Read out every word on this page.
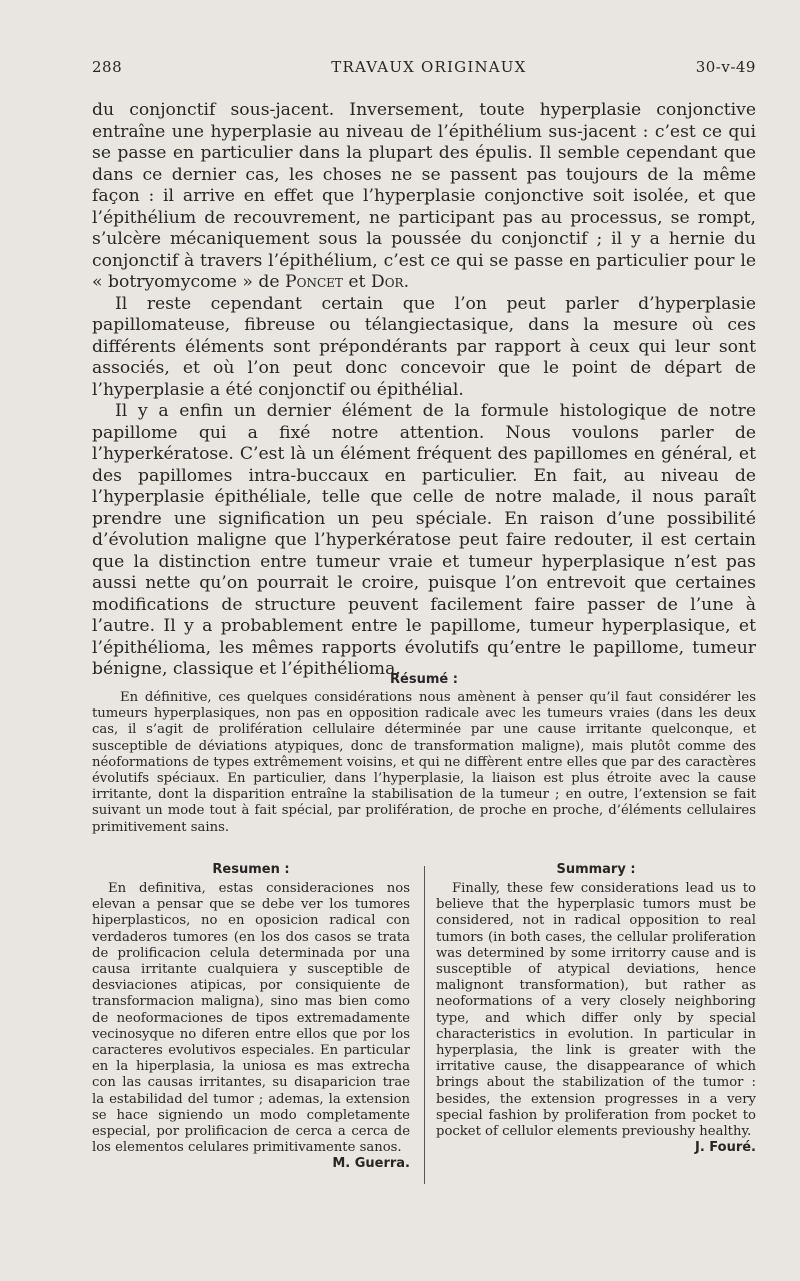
288	TRAVAUX ORIGINAUX	30-v-49

du conjonctif sous-jacent. Inversement, toute hyperplasie conjonctive entraîne une hyperplasie au niveau de l’épithélium sus-jacent : c’est ce qui se passe en particulier dans la plupart des épulis. Il semble cependant que dans ce dernier cas, les choses ne se passent pas toujours de la même façon : il arrive en effet que l’hyperplasie conjonctive soit isolée, et que l’épithélium de recouvrement, ne participant pas au processus, se rompt, s’ulcère mécaniquement sous la poussée du conjonctif ; il y a hernie du conjonctif à travers l’épithélium, c’est ce qui se passe en particulier pour le « botryomycome » de Poncet et Dor.

Il reste cependant certain que l’on peut parler d’hyperplasie papillomateuse, fibreuse ou télangiectasique, dans la mesure où ces différents éléments sont prépondérants par rapport à ceux qui leur sont associés, et où l’on peut donc concevoir que le point de départ de l’hyperplasie a été conjonctif ou épithélial.

Il y a enfin un dernier élément de la formule histologique de notre papillome qui a fixé notre attention. Nous voulons parler de l’hyperkératose. C’est là un élément fréquent des papillomes en général, et des papillomes intra-buccaux en particulier. En fait, au niveau de l’hyperplasie épithéliale, telle que celle de notre malade, il nous paraît prendre une signification un peu spéciale. En raison d’une possibilité d’évolution maligne que l’hyperkératose peut faire redouter, il est certain que la distinction entre tumeur vraie et tumeur hyperplasique n’est pas aussi nette qu’on pourrait le croire, puisque l’on entrevoit que certaines modifications de structure peuvent facilement faire passer de l’une à l’autre. Il y a probablement entre le papillome, tumeur hyperplasique, et l’épithélioma, les mêmes rapports évolutifs qu’entre le papillome, tumeur bénigne, classique et l’épithélioma.

Résumé :
En définitive, ces quelques considérations nous amènent à penser qu’il faut considérer les tumeurs hyperplasiques, non pas en opposition radicale avec les tumeurs vraies (dans les deux cas, il s’agit de prolifération cellulaire déterminée par une cause irritante quelconque, et susceptible de déviations atypiques, donc de transformation maligne), mais plutôt comme des néoformations de types extrêmement voisins, et qui ne diffèrent entre elles que par des caractères évolutifs spéciaux. En particulier, dans l’hyperplasie, la liaison est plus étroite avec la cause irritante, dont la disparition entraîne la stabilisation de la tumeur ; en outre, l’extension se fait suivant un mode tout à fait spécial, par prolifération, de proche en proche, d’éléments cellulaires primitivement sains.
Resumen :

En definitiva, estas consideraciones nos elevan a pensar que se debe ver los tumores hiperplasticos, no en oposicion radical con verdaderos tumores (en los dos casos se trata de prolificacion celula determinada por una causa irritante cualquiera y susceptible de desviaciones atipicas, por consiquiente de transformacion maligna), sino mas bien como de neoformaciones de tipos extremadamente vecinosyque no diferen entre ellos que por los caracteres evolutivos especiales. En particular en la hiperplasia, la uniosa es mas extrecha con las causas irritantes, su disaparicion trae la estabilidad del tumor ; ademas, la extension se hace signiendo un modo completamente especial, por prolificacion de cerca a cerca de los elementos celulares primitivamente sanos.
M. Guerra.

Summary :

Finally, these few considerations lead us to believe that the hyperplasic tumors must be considered, not in radical opposition to real tumors (in both cases, the cellular proliferation was determined by some irritorry cause and is susceptible of atypical deviations, hence malignont transformation), but rather as neoformations of a very closely neighboring type, and which differ only by special characteristics in evolution. In particular in hyperplasia, the link is greater with the irritative cause, the disappearance of which brings about the stabilization of the tumor : besides, the extension progresses in a very special fashion by proliferation from pocket to pocket of cellulor elements previoushy healthy.

J. Fouré.
